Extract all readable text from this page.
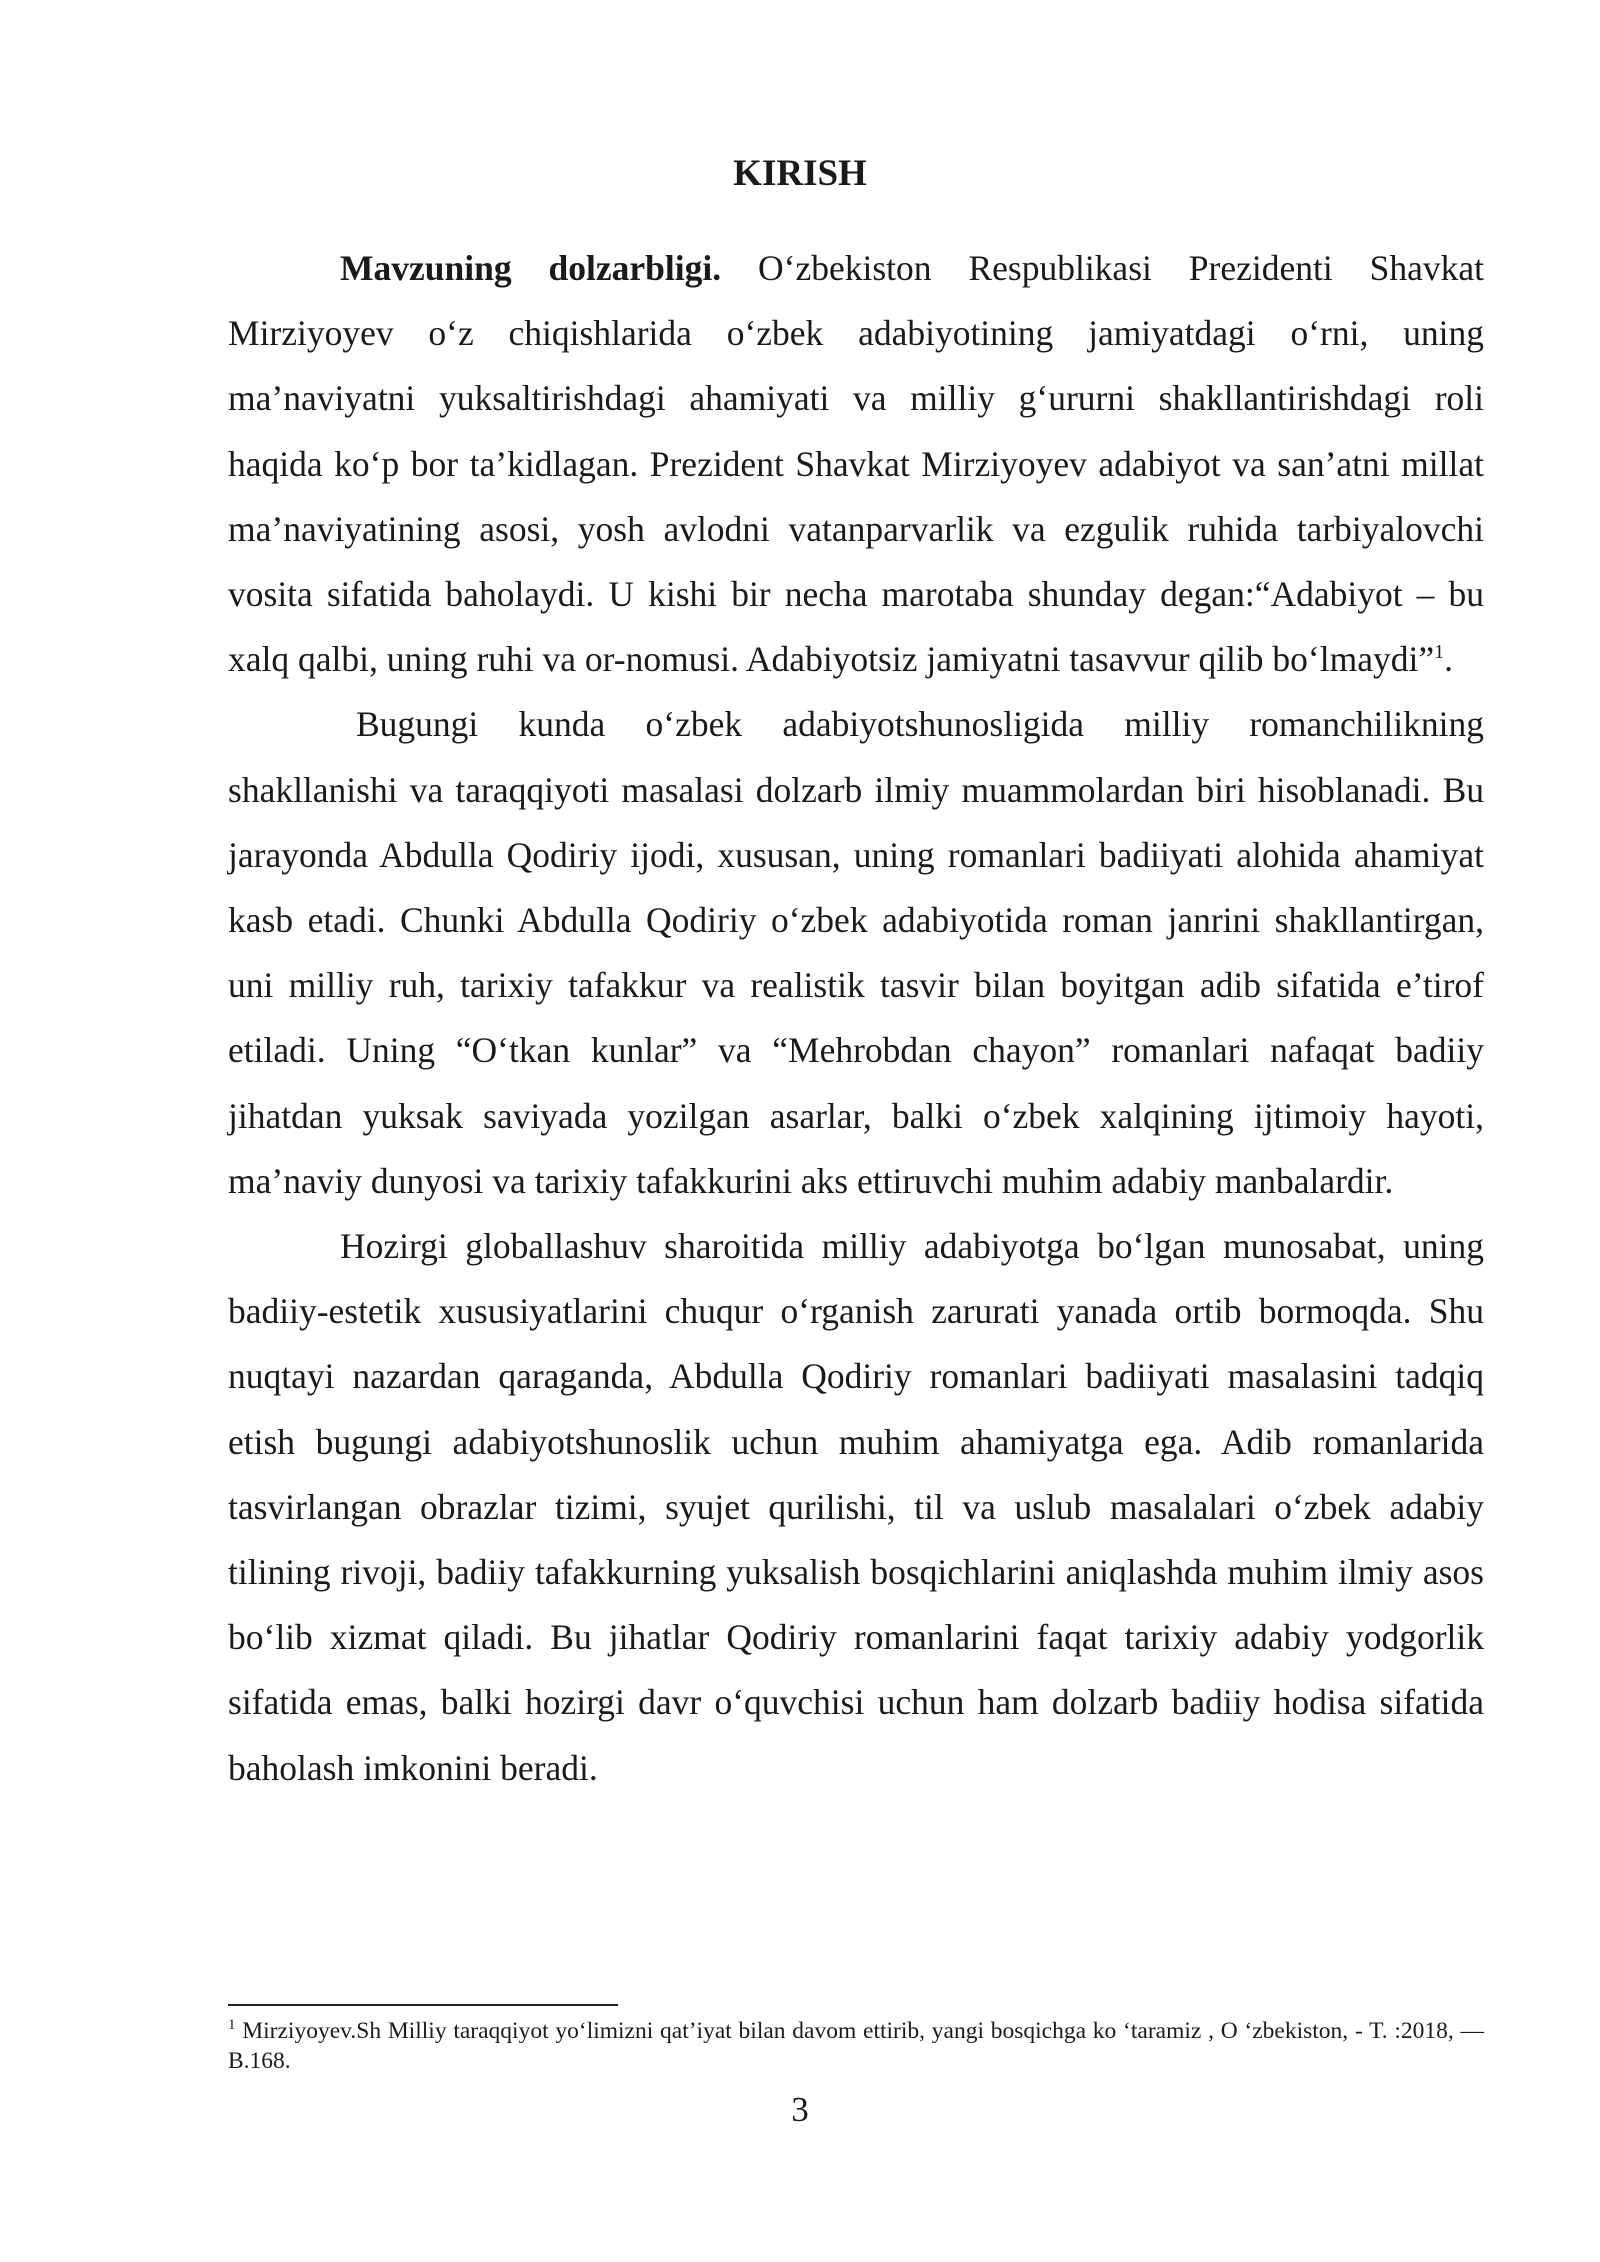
KIRISH

Mavzuning dolzarbligi. O‘zbekiston Respublikasi Prezidenti Shavkat Mirziyoyev o‘z chiqishlarida o‘zbek adabiyotining jamiyatdagi o‘rni, uning ma’naviyatni yuksaltirishdagi ahamiyati va milliy g‘ururni shakllantirishdagi roli haqida ko‘p bor ta’kidlagan. Prezident Shavkat Mirziyoyev adabiyot va san’atni millat ma’naviyatining asosi, yosh avlodni vatanparvarlik va ezgulik ruhida tarbiyalovchi vosita sifatida baholaydi. U kishi bir necha marotaba shunday degan:“Adabiyot – bu xalq qalbi, uning ruhi va or-nomusi. Adabiyotsiz jamiyatni tasavvur qilib bo‘lmaydi”$^1$.

Bugungi kunda o‘zbek adabiyotshunosligida milliy romanchilikning shakllanishi va taraqqiyoti masalasi dolzarb ilmiy muammolardan biri hisoblanadi. Bu jarayonda Abdulla Qodiriy ijodi, xususan, uning romanlari badiiyati alohida ahamiyat kasb etadi. Chunki Abdulla Qodiriy o‘zbek adabiyotida roman janrini shakllantirgan, uni milliy ruh, tarixiy tafakkur va realistik tasvir bilan boyitgan adib sifatida e’tirof etiladi. Uning “O‘tkan kunlar” va “Mehrobdan chayon” romanlari nafaqat badiiy jihatdan yuksak saviyada yozilgan asarlar, balki o‘zbek xalqining ijtimoiy hayoti, ma’naviy dunyosi va tarixiy tafakkurini aks ettiruvchi muhim adabiy manbalardir.

Hozirgi globallashuv sharoitida milliy adabiyotga bo‘lgan munosabat, uning badiiy-estetik xususiyatlarini chuqur o‘rganish zarurati yanada ortib bormoqda. Shu nuqtayi nazardan qaraganda, Abdulla Qodiriy romanlari badiiyati masalasini tadqiq etish bugungi adabiyotshunoslik uchun muhim ahamiyatga ega. Adib romanlarida tasvirlangan obrazlar tizimi, syujet qurilishi, til va uslub masalalari o‘zbek adabiy tilining rivoji, badiiy tafakkurning yuksalish bosqichlarini aniqlashda muhim ilmiy asos bo‘lib xizmat qiladi. Bu jihatlar Qodiriy romanlarini faqat tarixiy adabiy yodgorlik sifatida emas, balki hozirgi davr o‘quvchisi uchun ham dolzarb badiiy hodisa sifatida baholash imkonini beradi.

$^1$ Mirziyoyev.Sh Milliy taraqqiyot yo‘limizni qat’iyat bilan davom ettirib, yangi bosqichga ko ‘taramiz , O ‘zbekiston, - T. :2018, —B.168.

3
